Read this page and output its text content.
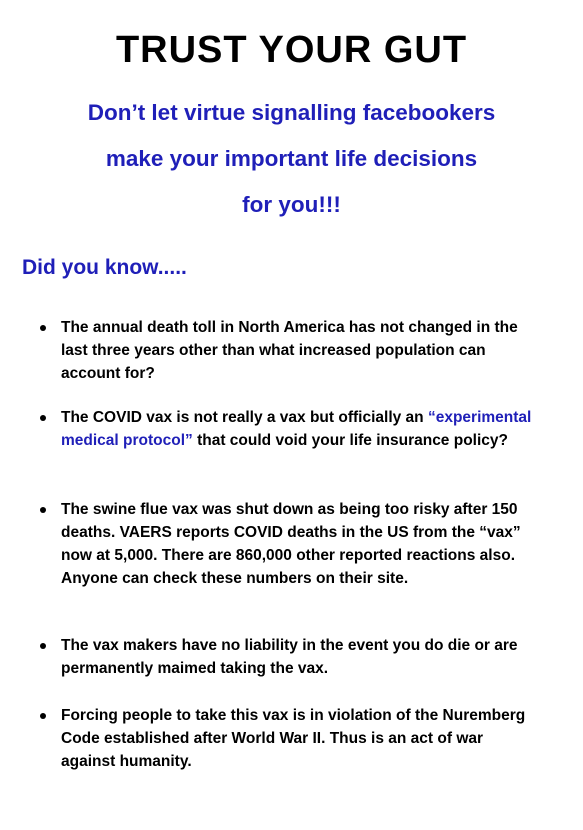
TRUST YOUR GUT
Don’t let virtue signalling facebookers
make your important life decisions
for you!!!
Did you know.....
The annual death toll in North America has not changed in the last three years other than what increased population can account for?
The COVID vax is not really a vax but officially an “experimental medical protocol” that could void your life insurance policy?
The swine flue vax was shut down as being too risky after 150 deaths. VAERS reports COVID deaths in the US from the “vax” now at 5,000. There are 860,000 other reported reactions also. Anyone can check these numbers on their site.
The vax makers have no liability in the event you do die or are permanently maimed taking the vax.
Forcing people to take this vax is in violation of the Nuremberg Code established after World War II. Thus is an act of war against humanity.
